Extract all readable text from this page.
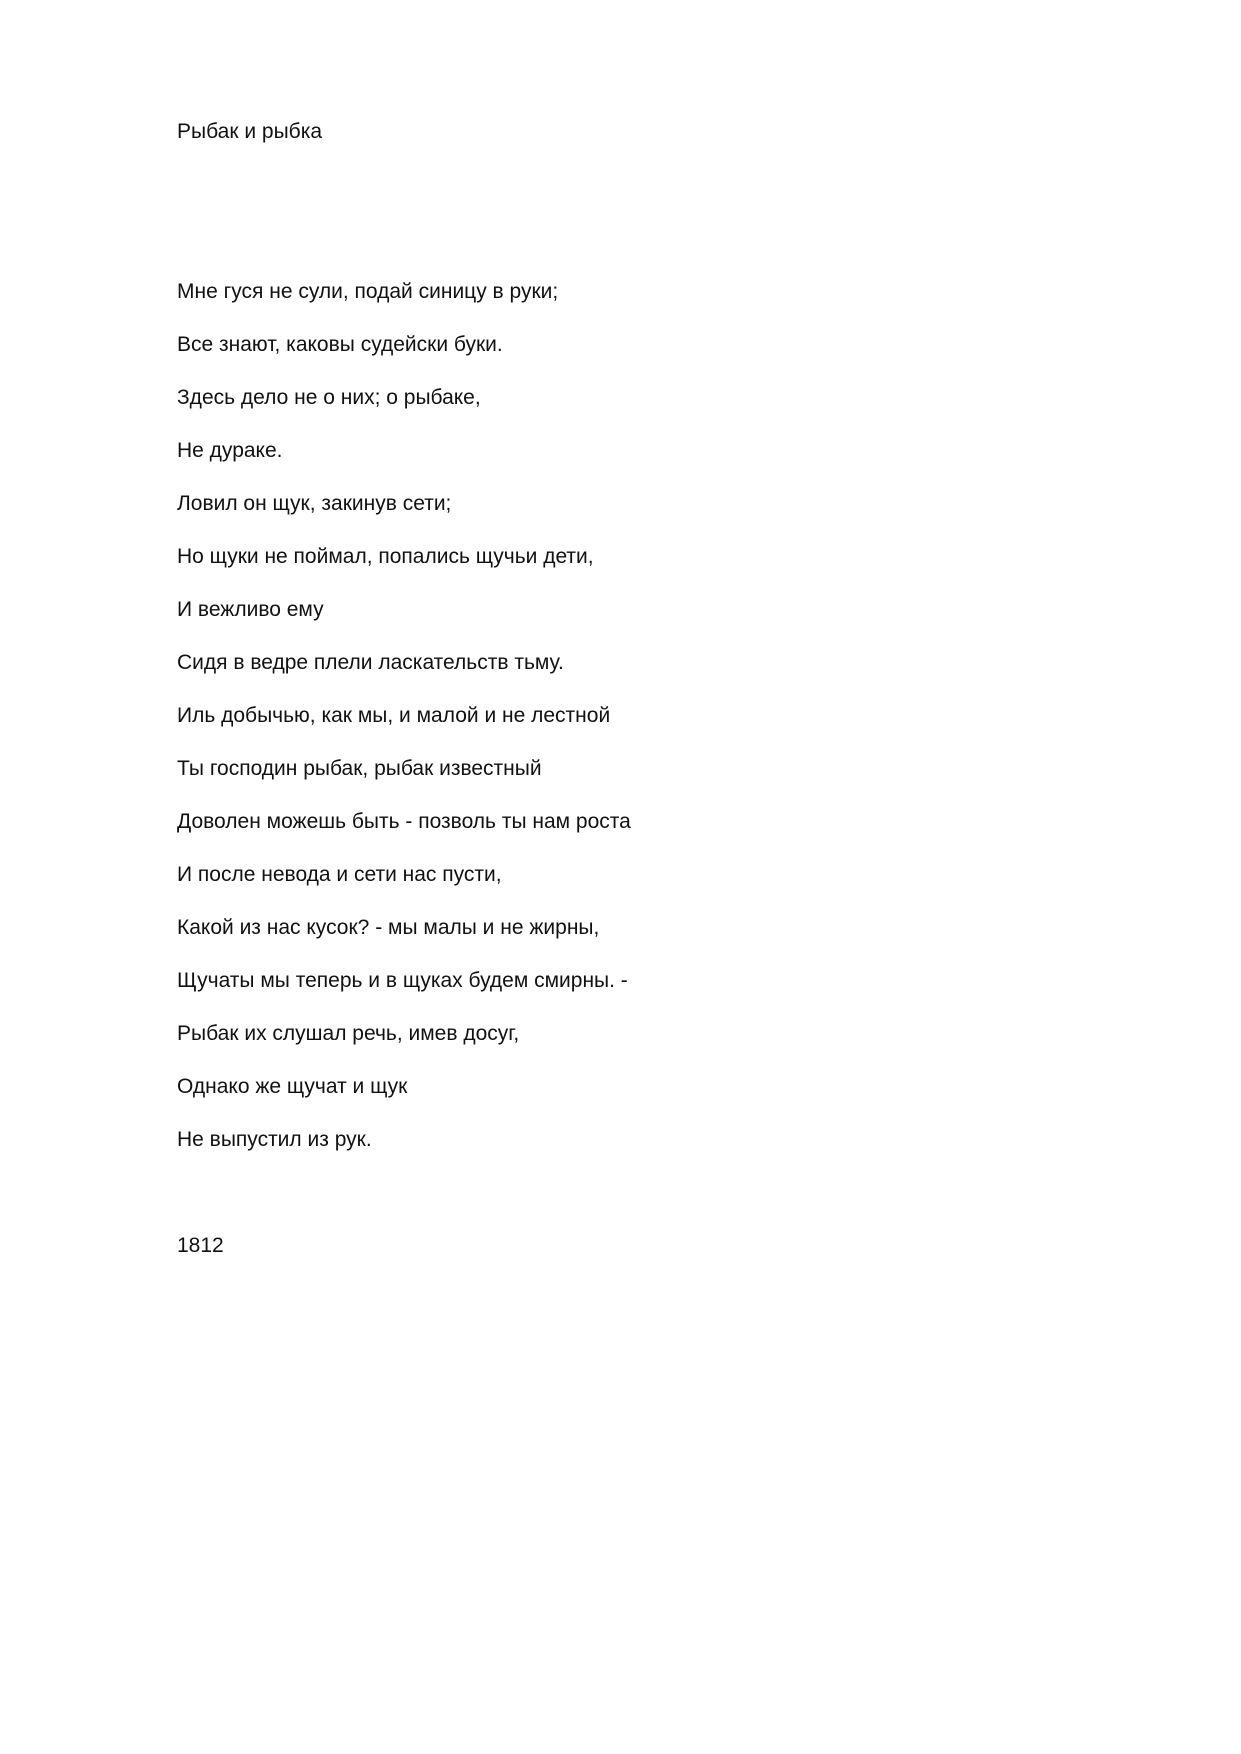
Рыбак и рыбка
Мне гуся не сули, подай синицу в руки;
Все знают, каковы судейски буки.
Здесь дело не о них; о рыбаке,
Не дураке.
Ловил он щук, закинув сети;
Но щуки не поймал, попались щучьи дети,
И вежливо ему
Сидя в ведре плели ласкательств тьму.
Иль добычью, как мы, и малой и не лестной
Ты господин рыбак, рыбак известный
Доволен можешь быть - позволь ты нам роста
И после невода и сети нас пусти,
Какой из нас кусок? - мы малы и не жирны,
Щучаты мы теперь и в щуках будем смирны. -
Рыбак их слушал речь, имев досуг,
Однако же щучат и щук
Не выпустил из рук.
1812
